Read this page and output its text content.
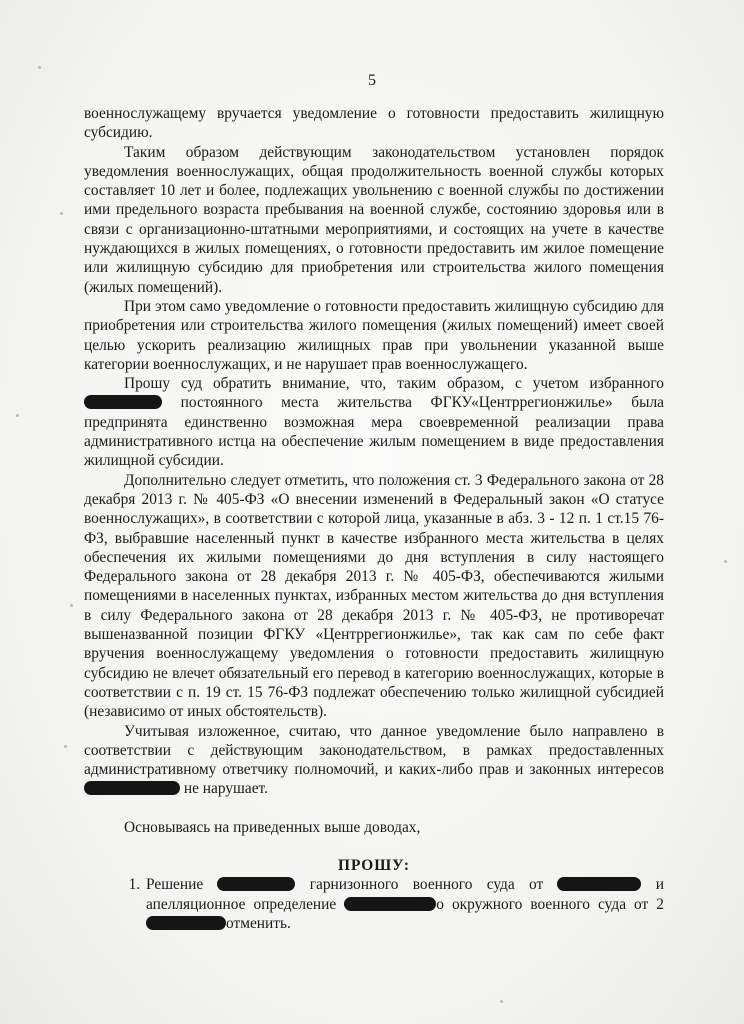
5

военнослужащему вручается уведомление о готовности предоставить жилищную субсидию.

Таким образом действующим законодательством установлен порядок уведомления военнослужащих, общая продолжительность военной службы которых составляет 10 лет и более, подлежащих увольнению с военной службы по достижении ими предельного возраста пребывания на военной службе, состоянию здоровья или в связи с организационно-штатными мероприятиями, и состоящих на учете в качестве нуждающихся в жилых помещениях, о готовности предоставить им жилое помещение или жилищную субсидию для приобретения или строительства жилого помещения (жилых помещений).

При этом само уведомление о готовности предоставить жилищную субсидию для приобретения или строительства жилого помещения (жилых помещений) имеет своей целью ускорить реализацию жилищных прав при увольнении указанной выше категории военнослужащих, и не нарушает прав военнослужащего.

Прошу суд обратить внимание, что, таким образом, с учетом избранного  постоянного места жительства ФГКУ«Центррегионжилье» была предпринята единственно возможная мера своевременной реализации права административного истца на обеспечение жилым помещением в виде предоставления жилищной субсидии.

Дополнительно следует отметить, что положения ст. 3 Федерального закона от 28 декабря 2013 г. № 405-ФЗ «О внесении изменений в Федеральный закон «О статусе военнослужащих», в соответствии с которой лица, указанные в абз. 3 - 12 п. 1 ст.15 76-ФЗ, выбравшие населенный пункт в качестве избранного места жительства в целях обеспечения их жилыми помещениями до дня вступления в силу настоящего Федерального закона от 28 декабря 2013 г. № 405-ФЗ, обеспечиваются жилыми помещениями в населенных пунктах, избранных местом жительства до дня вступления в силу Федерального закона от 28 декабря 2013 г. № 405-ФЗ, не противоречат вышеназванной позиции ФГКУ «Центррегионжилье», так как сам по себе факт вручения военнослужащему уведомления о готовности предоставить жилищную субсидию не влечет обязательный его перевод в категорию военнослужащих, которые в соответствии с п. 19 ст. 15 76-ФЗ подлежат обеспечению только жилищной субсидией (независимо от иных обстоятельств).

Учитывая изложенное, считаю, что данное уведомление было направлено в соответствии с действующим законодательством, в рамках предоставленных административному ответчику полномочий, и каких-либо прав и законных интересов  не нарушает.

Основываясь на приведенных выше доводах,

ПРОШУ:

1. Решение	гарнизонного военного суда от	и апелляционное определение	о окружного военного суда от 2отменить.
